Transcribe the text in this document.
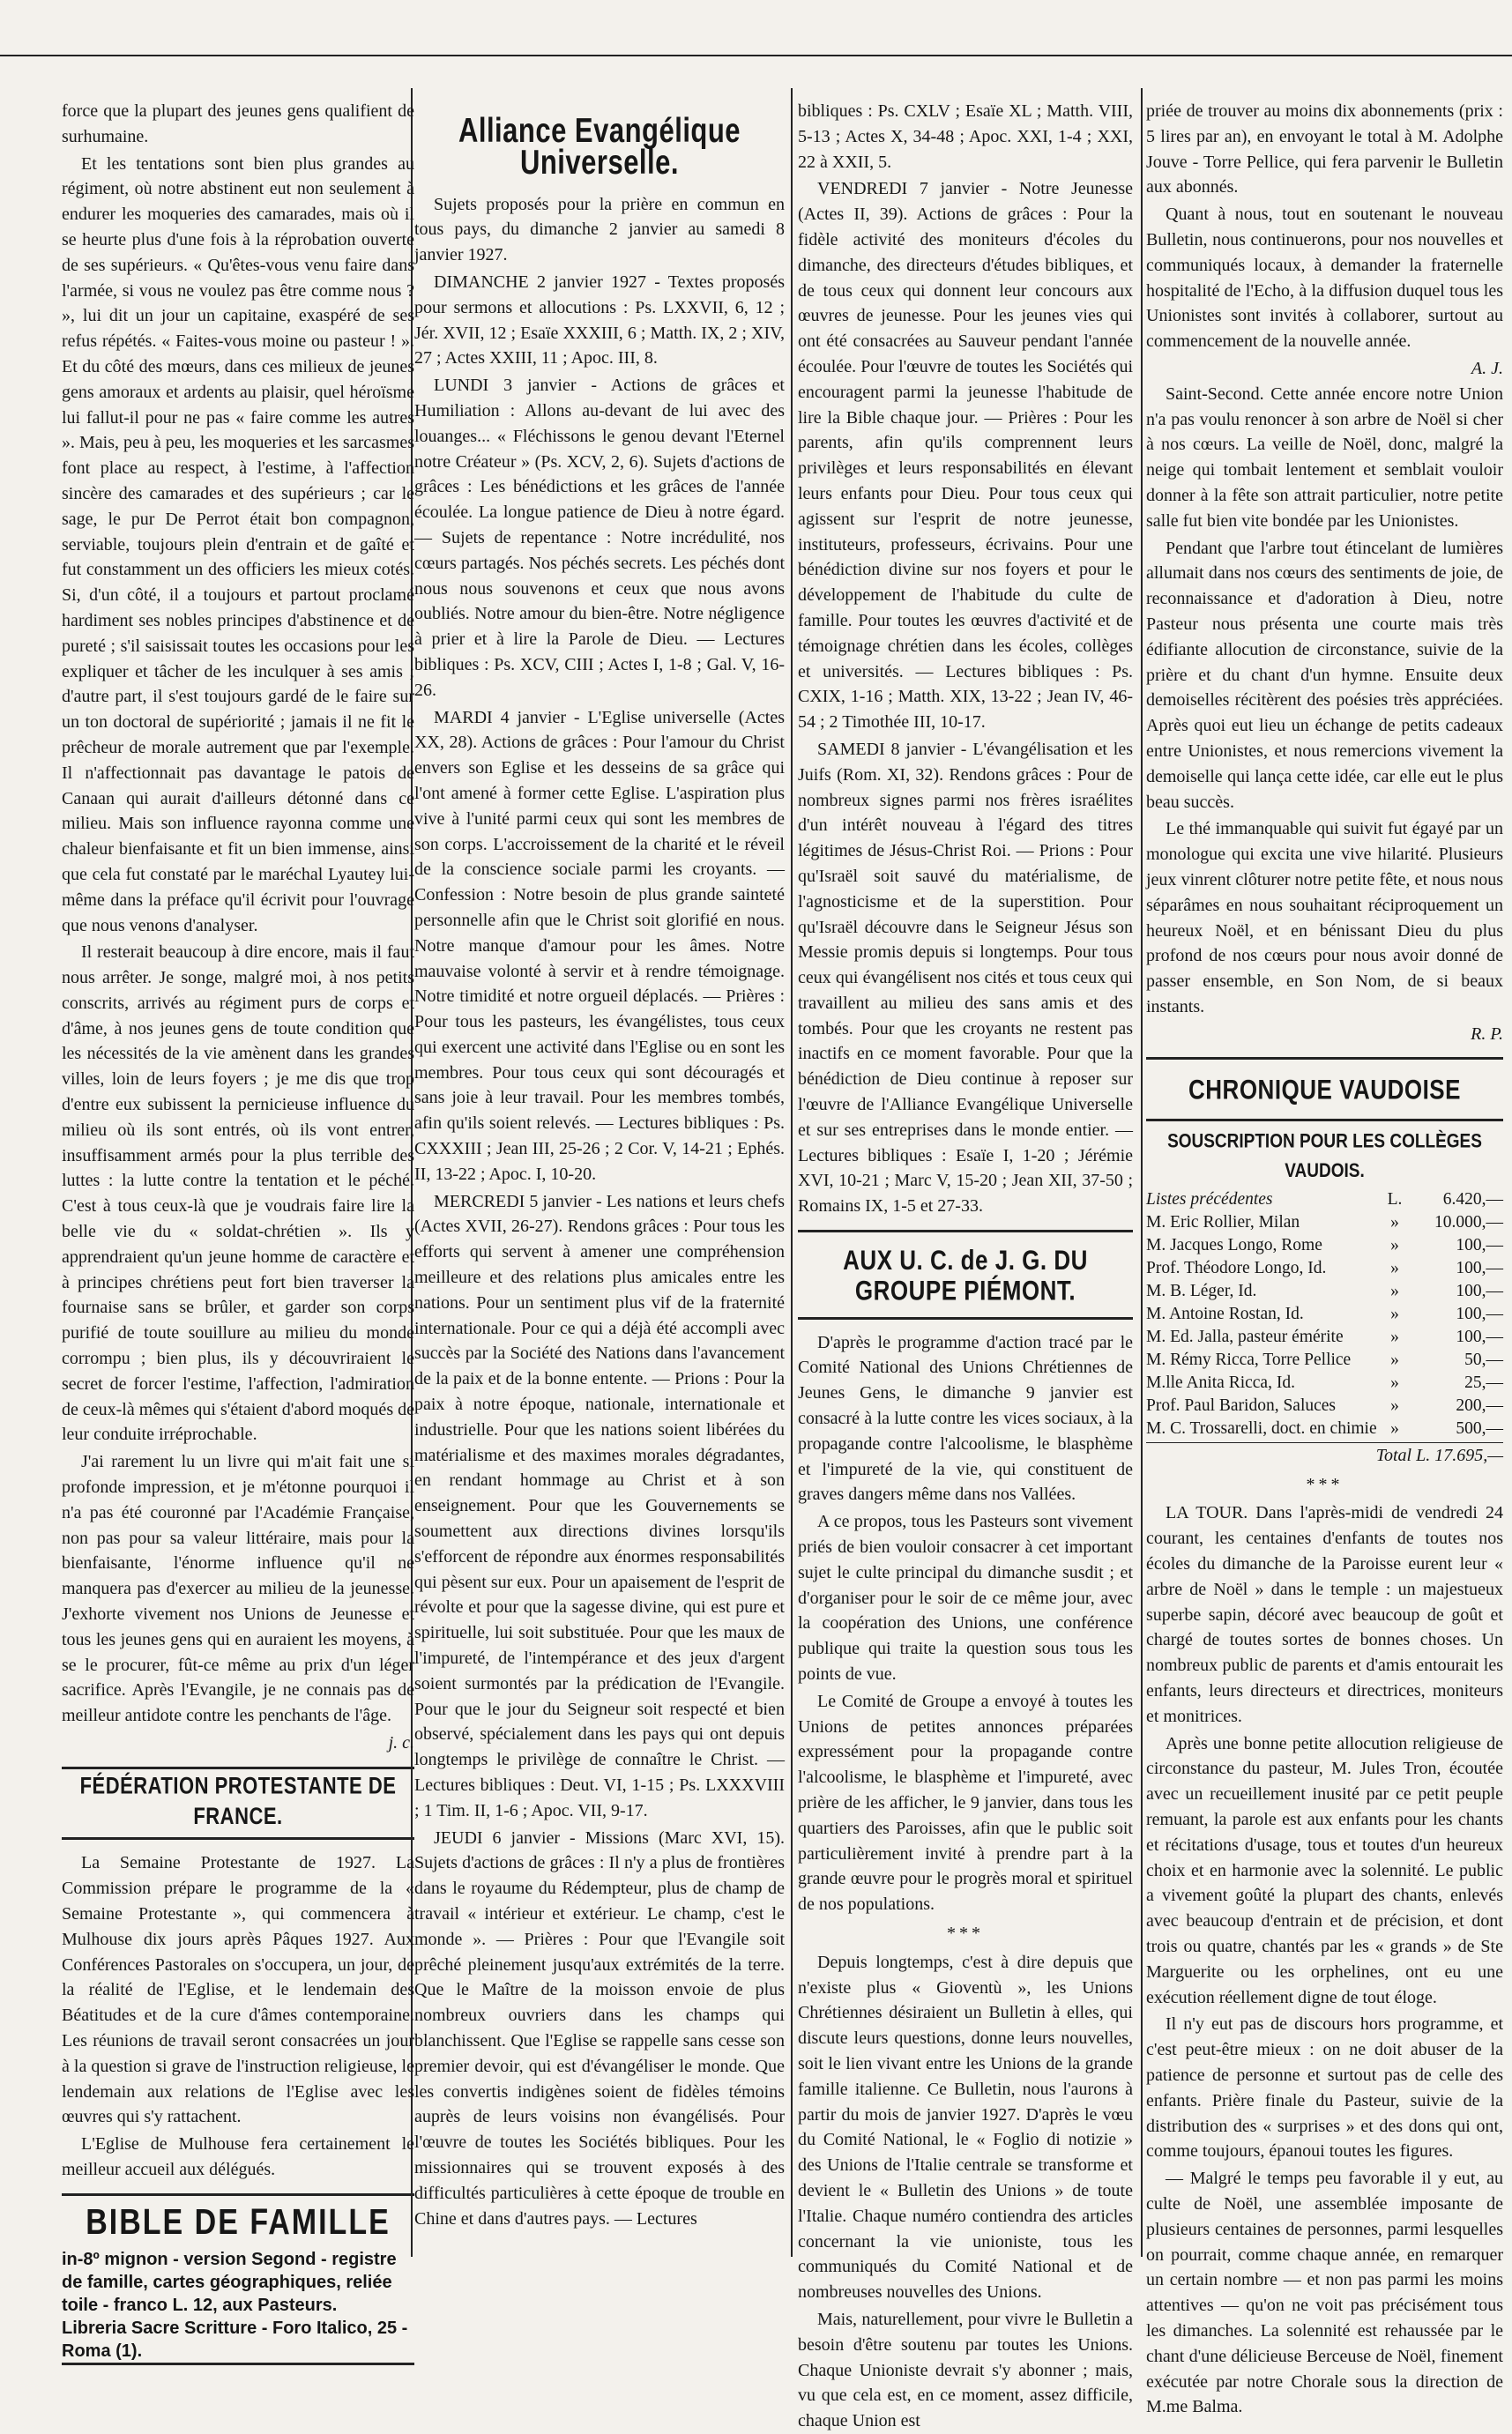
force que la plupart des jeunes gens qualifient de surhumaine.

Et les tentations sont bien plus grandes au régiment, où notre abstinent eut non seulement à endurer les moqueries des camarades, mais où il se heurte plus d'une fois à la réprobation ouverte de ses supérieurs. « Qu'êtes-vous venu faire dans l'armée, si vous ne voulez pas être comme nous ? », lui dit un jour un capitaine, exaspéré de ses refus répétés. « Faites-vous moine ou pasteur ! ». Et du côté des mœurs, dans ces milieux de jeunes gens amoraux et ardents au plaisir, quel héroïsme lui fallut-il pour ne pas « faire comme les autres ». Mais, peu à peu, les moqueries et les sarcasmes font place au respect, à l'estime, à l'affection sincère des camarades et des supérieurs ; car le sage, le pur De Perrot était bon compagnon, serviable, toujours plein d'entrain et de gaîté et fut constamment un des officiers les mieux cotés. Si, d'un côté, il a toujours et partout proclamé hardiment ses nobles principes d'abstinence et de pureté ; s'il saisissait toutes les occasions pour les expliquer et tâcher de les inculquer à ses amis ; d'autre part, il s'est toujours gardé de le faire sur un ton doctoral de supériorité ; jamais il ne fit le prêcheur de morale autrement que par l'exemple. Il n'affectionnait pas davantage le patois de Canaan qui aurait d'ailleurs détonné dans ce milieu. Mais son influence rayonna comme une chaleur bienfaisante et fit un bien immense, ainsi que cela fut constaté par le maréchal Lyautey lui-même dans la préface qu'il écrivit pour l'ouvrage que nous venons d'analyser.

Il resterait beaucoup à dire encore, mais il faut nous arrêter. Je songe, malgré moi, à nos petits conscrits, arrivés au régiment purs de corps et d'âme, à nos jeunes gens de toute condition que les nécessités de la vie amènent dans les grandes villes, loin de leurs foyers ; je me dis que trop d'entre eux subissent la pernicieuse influence du milieu où ils sont entrés, où ils vont entrer, insuffisamment armés pour la plus terrible des luttes : la lutte contre la tentation et le péché. C'est à tous ceux-là que je voudrais faire lire la belle vie du « soldat-chrétien ». Ils y apprendraient qu'un jeune homme de caractère et à principes chrétiens peut fort bien traverser la fournaise sans se brûler, et garder son corps purifié de toute souillure au milieu du monde corrompu ; bien plus, ils y découvriraient le secret de forcer l'estime, l'affection, l'admiration de ceux-là mêmes qui s'étaient d'abord moqués de leur conduite irréprochable.

J'ai rarement lu un livre qui m'ait fait une si profonde impression, et je m'étonne pourquoi il n'a pas été couronné par l'Académie Française, non pas pour sa valeur littéraire, mais pour la bienfaisante, l'énorme influence qu'il ne manquera pas d'exercer au milieu de la jeunesse. J'exhorte vivement nos Unions de Jeunesse et tous les jeunes gens qui en auraient les moyens, à se le procurer, fût-ce même au prix d'un léger sacrifice. Après l'Evangile, je ne connais pas de meilleur antidote contre les penchants de l'âge.

j. c.
FÉDÉRATION PROTESTANTE DE FRANCE.

La Semaine Protestante de 1927. La Commission prépare le programme de la « Semaine Protestante », qui commencera à Mulhouse dix jours après Pâques 1927. Aux Conférences Pastorales on s'occupera, un jour, de la réalité de l'Eglise, et le lendemain des Béatitudes et de la cure d'âmes contemporaine. Les réunions de travail seront consacrées un jour à la question si grave de l'instruction religieuse, le lendemain aux relations de l'Eglise avec les œuvres qui s'y rattachent.

L'Eglise de Mulhouse fera certainement le meilleur accueil aux délégués.

BIBLE DE FAMILLE
in-8º mignon - version Segond - registre de famille, cartes géographiques, reliée toile - franco L. 12, aux Pasteurs.
Libreria Sacre Scritture - Foro Italico, 25 - Roma (1).
Alliance Evangélique Universelle.

Sujets proposés pour la prière en commun en tous pays, du dimanche 2 janvier au samedi 8 janvier 1927.

DIMANCHE 2 janvier 1927 - Textes proposés pour sermons et allocutions : Ps. LXXVII, 6, 12 ; Jér. XVII, 12 ; Esaïe XXXIII, 6 ; Matth. IX, 2 ; XIV, 27 ; Actes XXIII, 11 ; Apoc. III, 8.

LUNDI 3 janvier - Actions de grâces et Humiliation : Allons au-devant de lui avec des louanges... « Fléchissons le genou devant l'Eternel notre Créateur » (Ps. XCV, 2, 6). Sujets d'actions de grâces : Les bénédictions et les grâces de l'année écoulée. La longue patience de Dieu à notre égard. — Sujets de repentance : Notre incrédulité, nos cœurs partagés. Nos péchés secrets. Les péchés dont nous nous souvenons et ceux que nous avons oubliés. Notre amour du bien-être. Notre négligence à prier et à lire la Parole de Dieu. — Lectures bibliques : Ps. XCV, CIII ; Actes I, 1-8 ; Gal. V, 16-26.

MARDI 4 janvier - L'Eglise universelle (Actes XX, 28). Actions de grâces : Pour l'amour du Christ envers son Eglise et les desseins de sa grâce qui l'ont amené à former cette Eglise. L'aspiration plus vive à l'unité parmi ceux qui sont les membres de son corps. L'accroissement de la charité et le réveil de la conscience sociale parmi les croyants. — Confession : Notre besoin de plus grande sainteté personnelle afin que le Christ soit glorifié en nous. Notre manque d'amour pour les âmes. Notre mauvaise volonté à servir et à rendre témoignage. Notre timidité et notre orgueil déplacés. — Prières : Pour tous les pasteurs, les évangélistes, tous ceux qui exercent une activité dans l'Eglise ou en sont les membres. Pour tous ceux qui sont découragés et sans joie à leur travail. Pour les membres tombés, afin qu'ils soient relevés. — Lectures bibliques : Ps. CXXXIII ; Jean III, 25-26 ; 2 Cor. V, 14-21 ; Ephés. II, 13-22 ; Apoc. I, 10-20.

MERCREDI 5 janvier - Les nations et leurs chefs (Actes XVII, 26-27). Rendons grâces : Pour tous les efforts qui servent à amener une compréhension meilleure et des relations plus amicales entre les nations. Pour un sentiment plus vif de la fraternité internationale. Pour ce qui a déjà été accompli avec succès par la Société des Nations dans l'avancement de la paix et de la bonne entente. — Prions : Pour la paix à notre époque, nationale, internationale et industrielle. Pour que les nations soient libérées du matérialisme et des maximes morales dégradantes, en rendant hommage au Christ et à son enseignement. Pour que les Gouvernements se soumettent aux directions divines lorsqu'ils s'efforcent de répondre aux énormes responsabilités qui pèsent sur eux. Pour un apaisement de l'esprit de révolte et pour que la sagesse divine, qui est pure et spirituelle, lui soit substituée. Pour que les maux de l'impureté, de l'intempérance et des jeux d'argent soient surmontés par la prédication de l'Evangile. Pour que le jour du Seigneur soit respecté et bien observé, spécialement dans les pays qui ont depuis longtemps le privilège de connaître le Christ. — Lectures bibliques : Deut. VI, 1-15 ; Ps. LXXXVIII ; 1 Tim. II, 1-6 ; Apoc. VII, 9-17.

JEUDI 6 janvier - Missions (Marc XVI, 15). Sujets d'actions de grâces : Il n'y a plus de frontières dans le royaume du Rédempteur, plus de champ de travail « intérieur et extérieur. Le champ, c'est le monde ». — Prières : Pour que l'Evangile soit prêché pleinement jusqu'aux extrémités de la terre. Que le Maître de la moisson envoie de plus nombreux ouvriers dans les champs qui blanchissent. Que l'Eglise se rappelle sans cesse son premier devoir, qui est d'évangéliser le monde. Que les convertis indigènes soient de fidèles témoins auprès de leurs voisins non évangélisés. Pour l'œuvre de toutes les Sociétés bibliques. Pour les missionnaires qui se trouvent exposés à des difficultés particulières à cette époque de trouble en Chine et dans d'autres pays. — Lectures

bibliques : Ps. CXLV ; Esaïe XL ; Matth. VIII, 5-13 ; Actes X, 34-48 ; Apoc. XXI, 1-4 ; XXI, 22 à XXII, 5.

VENDREDI 7 janvier - Notre Jeunesse (Actes II, 39). Actions de grâces : Pour la fidèle activité des moniteurs d'écoles du dimanche, des directeurs d'études bibliques, et de tous ceux qui donnent leur concours aux œuvres de jeunesse. Pour les jeunes vies qui ont été consacrées au Sauveur pendant l'année écoulée. Pour l'œuvre de toutes les Sociétés qui encouragent parmi la jeunesse l'habitude de lire la Bible chaque jour. — Prières : Pour les parents, afin qu'ils comprennent leurs privilèges et leurs responsabilités en élevant leurs enfants pour Dieu. Pour tous ceux qui agissent sur l'esprit de notre jeunesse, instituteurs, professeurs, écrivains. Pour une bénédiction divine sur nos foyers et pour le développement de l'habitude du culte de famille. Pour toutes les œuvres d'activité et de témoignage chrétien dans les écoles, collèges et universités. — Lectures bibliques : Ps. CXIX, 1-16 ; Matth. XIX, 13-22 ; Jean IV, 46-54 ; 2 Timothée III, 10-17.

SAMEDI 8 janvier - L'évangélisation et les Juifs (Rom. XI, 32). Rendons grâces : Pour de nombreux signes parmi nos frères israélites d'un intérêt nouveau à l'égard des titres légitimes de Jésus-Christ Roi. — Prions : Pour qu'Israël soit sauvé du matérialisme, de l'agnosticisme et de la superstition. Pour qu'Israël découvre dans le Seigneur Jésus son Messie promis depuis si longtemps. Pour tous ceux qui évangélisent nos cités et tous ceux qui travaillent au milieu des sans amis et des tombés. Pour que les croyants ne restent pas inactifs en ce moment favorable. Pour que la bénédiction de Dieu continue à reposer sur l'œuvre de l'Alliance Evangélique Universelle et sur ses entreprises dans le monde entier. — Lectures bibliques : Esaïe I, 1-20 ; Jérémie XVI, 10-21 ; Marc V, 15-20 ; Jean XII, 37-50 ; Romains IX, 1-5 et 27-33.

AUX U. C. de J. G. DU GROUPE PIÉMONT.

D'après le programme d'action tracé par le Comité National des Unions Chrétiennes de Jeunes Gens, le dimanche 9 janvier est consacré à la lutte contre les vices sociaux, à la propagande contre l'alcoolisme, le blasphème et l'impureté de la vie, qui constituent de graves dangers même dans nos Vallées.

A ce propos, tous les Pasteurs sont vivement priés de bien vouloir consacrer à cet important sujet le culte principal du dimanche susdit ; et d'organiser pour le soir de ce même jour, avec la coopération des Unions, une conférence publique qui traite la question sous tous les points de vue.

Le Comité de Groupe a envoyé à toutes les Unions de petites annonces préparées expressément pour la propagande contre l'alcoolisme, le blasphème et l'impureté, avec prière de les afficher, le 9 janvier, dans tous les quartiers des Paroisses, afin que le public soit particulièrement invité à prendre part à la grande œuvre pour le progrès moral et spirituel de nos populations.

***

Depuis longtemps, c'est à dire depuis que n'existe plus « Gioventù », les Unions Chrétiennes désiraient un Bulletin à elles, qui discute leurs questions, donne leurs nouvelles, soit le lien vivant entre les Unions de la grande famille italienne. Ce Bulletin, nous l'aurons à partir du mois de janvier 1927. D'après le vœu du Comité National, le « Foglio di notizie » des Unions de l'Italie centrale se transforme et devient le « Bulletin des Unions » de toute l'Italie. Chaque numéro contiendra des articles concernant la vie unioniste, tous les communiqués du Comité National et de nombreuses nouvelles des Unions.

Mais, naturellement, pour vivre le Bulletin a besoin d'être soutenu par toutes les Unions. Chaque Unioniste devrait s'y abonner ; mais, vu que cela est, en ce moment, assez difficile, chaque Union est

priée de trouver au moins dix abonnements (prix : 5 lires par an), en envoyant le total à M. Adolphe Jouve - Torre Pellice, qui fera parvenir le Bulletin aux abonnés.

Quant à nous, tout en soutenant le nouveau Bulletin, nous continuerons, pour nos nouvelles et communiqués locaux, à demander la fraternelle hospitalité de l'Echo, à la diffusion duquel tous les Unionistes sont invités à collaborer, surtout au commencement de la nouvelle année.

A. J.

Saint-Second. Cette année encore notre Union n'a pas voulu renoncer à son arbre de Noël si cher à nos cœurs. La veille de Noël, donc, malgré la neige qui tombait lentement et semblait vouloir donner à la fête son attrait particulier, notre petite salle fut bien vite bondée par les Unionistes.

Pendant que l'arbre tout étincelant de lumières allumait dans nos cœurs des sentiments de joie, de reconnaissance et d'adoration à Dieu, notre Pasteur nous présenta une courte mais très édifiante allocution de circonstance, suivie de la prière et du chant d'un hymne. Ensuite deux demoiselles récitèrent des poésies très appréciées. Après quoi eut lieu un échange de petits cadeaux entre Unionistes, et nous remercions vivement la demoiselle qui lança cette idée, car elle eut le plus beau succès.

Le thé immanquable qui suivit fut égayé par un monologue qui excita une vive hilarité. Plusieurs jeux vinrent clôturer notre petite fête, et nous nous séparâmes en nous souhaitant réciproquement un heureux Noël, et en bénissant Dieu du plus profond de nos cœurs pour nous avoir donné de passer ensemble, en Son Nom, de si beaux instants.

R. P.
CHRONIQUE VAUDOISE
SOUSCRIPTION POUR LES COLLÈGES VAUDOIS.
Listes précédentes	L.	6.420,—
M. Eric Rollier, Milan	»	10.000,—
M. Jacques Longo, Rome	»	100,—
Prof. Théodore Longo, Id.	»	100,—
M. B. Léger, Id.	»	100,—
M. Antoine Rostan, Id.	»	100,—
M. Ed. Jalla, pasteur émérite	»	100,—
M. Rémy Ricca, Torre Pellice	»	50,—
M.lle Anita Ricca, Id.	»	25,—
Prof. Paul Baridon, Saluces	»	200,—
M. C. Trossarelli, doct. en chimie	»	500,—
Total L. 17.695,—
***

LA TOUR. Dans l'après-midi de vendredi 24 courant, les centaines d'enfants de toutes nos écoles du dimanche de la Paroisse eurent leur « arbre de Noël » dans le temple : un majestueux superbe sapin, décoré avec beaucoup de goût et chargé de toutes sortes de bonnes choses. Un nombreux public de parents et d'amis entourait les enfants, leurs directeurs et directrices, moniteurs et monitrices.

Après une bonne petite allocution religieuse de circonstance du pasteur, M. Jules Tron, écoutée avec un recueillement inusité par ce petit peuple remuant, la parole est aux enfants pour les chants et récitations d'usage, tous et toutes d'un heureux choix et en harmonie avec la solennité. Le public a vivement goûté la plupart des chants, enlevés avec beaucoup d'entrain et de précision, et dont trois ou quatre, chantés par les « grands » de Ste Marguerite ou les orphelines, ont eu une exécution réellement digne de tout éloge.

Il n'y eut pas de discours hors programme, et c'est peut-être mieux : on ne doit abuser de la patience de personne et surtout pas de celle des enfants. Prière finale du Pasteur, suivie de la distribution des « surprises » et des dons qui ont, comme toujours, épanoui toutes les figures.

— Malgré le temps peu favorable il y eut, au culte de Noël, une assemblée imposante de plusieurs centaines de personnes, parmi lesquelles on pourrait, comme chaque année, en remarquer un certain nombre — et non pas parmi les moins attentives — qu'on ne voit pas précisément tous les dimanches. La solennité est rehaussée par le chant d'une délicieuse Berceuse de Noël, finement exécutée par notre Chorale sous la direction de M.me Balma.
